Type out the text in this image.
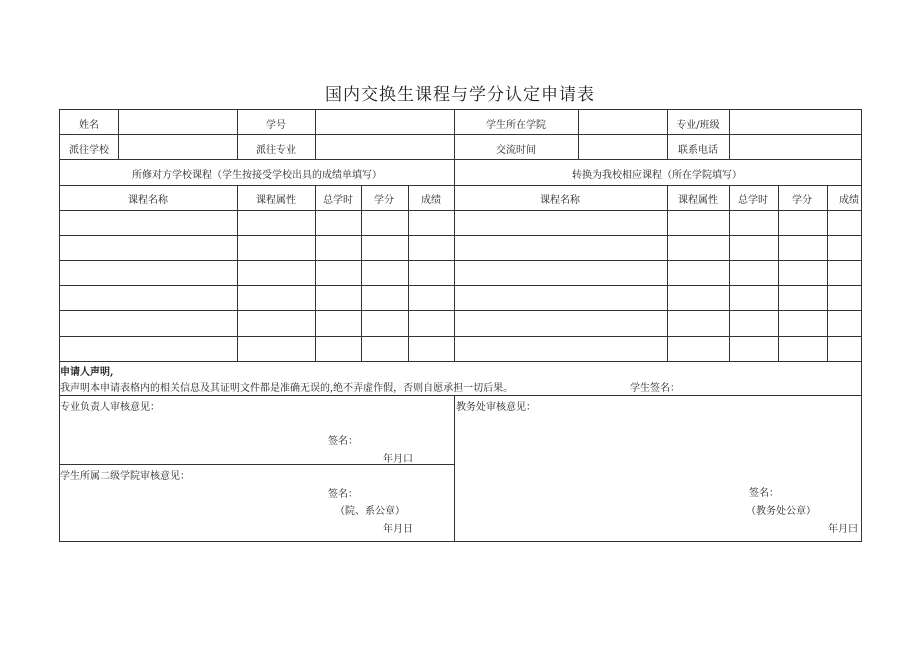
国内交换生课程与学分认定申请表
姓名	学号	学生所在学院	专业/班级
派往学校	派往专业	交流时间	联系电话
所修对方学校课程（学生按接受学校出具的成绩单填写）	转换为我校相应课程（所在学院填写）
课程名称	课程属性	总学时 学分	成绩	课程名称	课程属性 总学时 学分	成绩
申请人声明,
我声明本申请表格内的相关信息及其证明文件都是准确无误的,绝不弄虚作假，否则自愿承担一切后果。	学生签名：
专业负责人审核意见：
签名：
年月口
学生所属二级学院审核意见：
签名：
（院、系公章）
年月日
教务处审核意见：
签名：
（教务处公章）
年月曰
